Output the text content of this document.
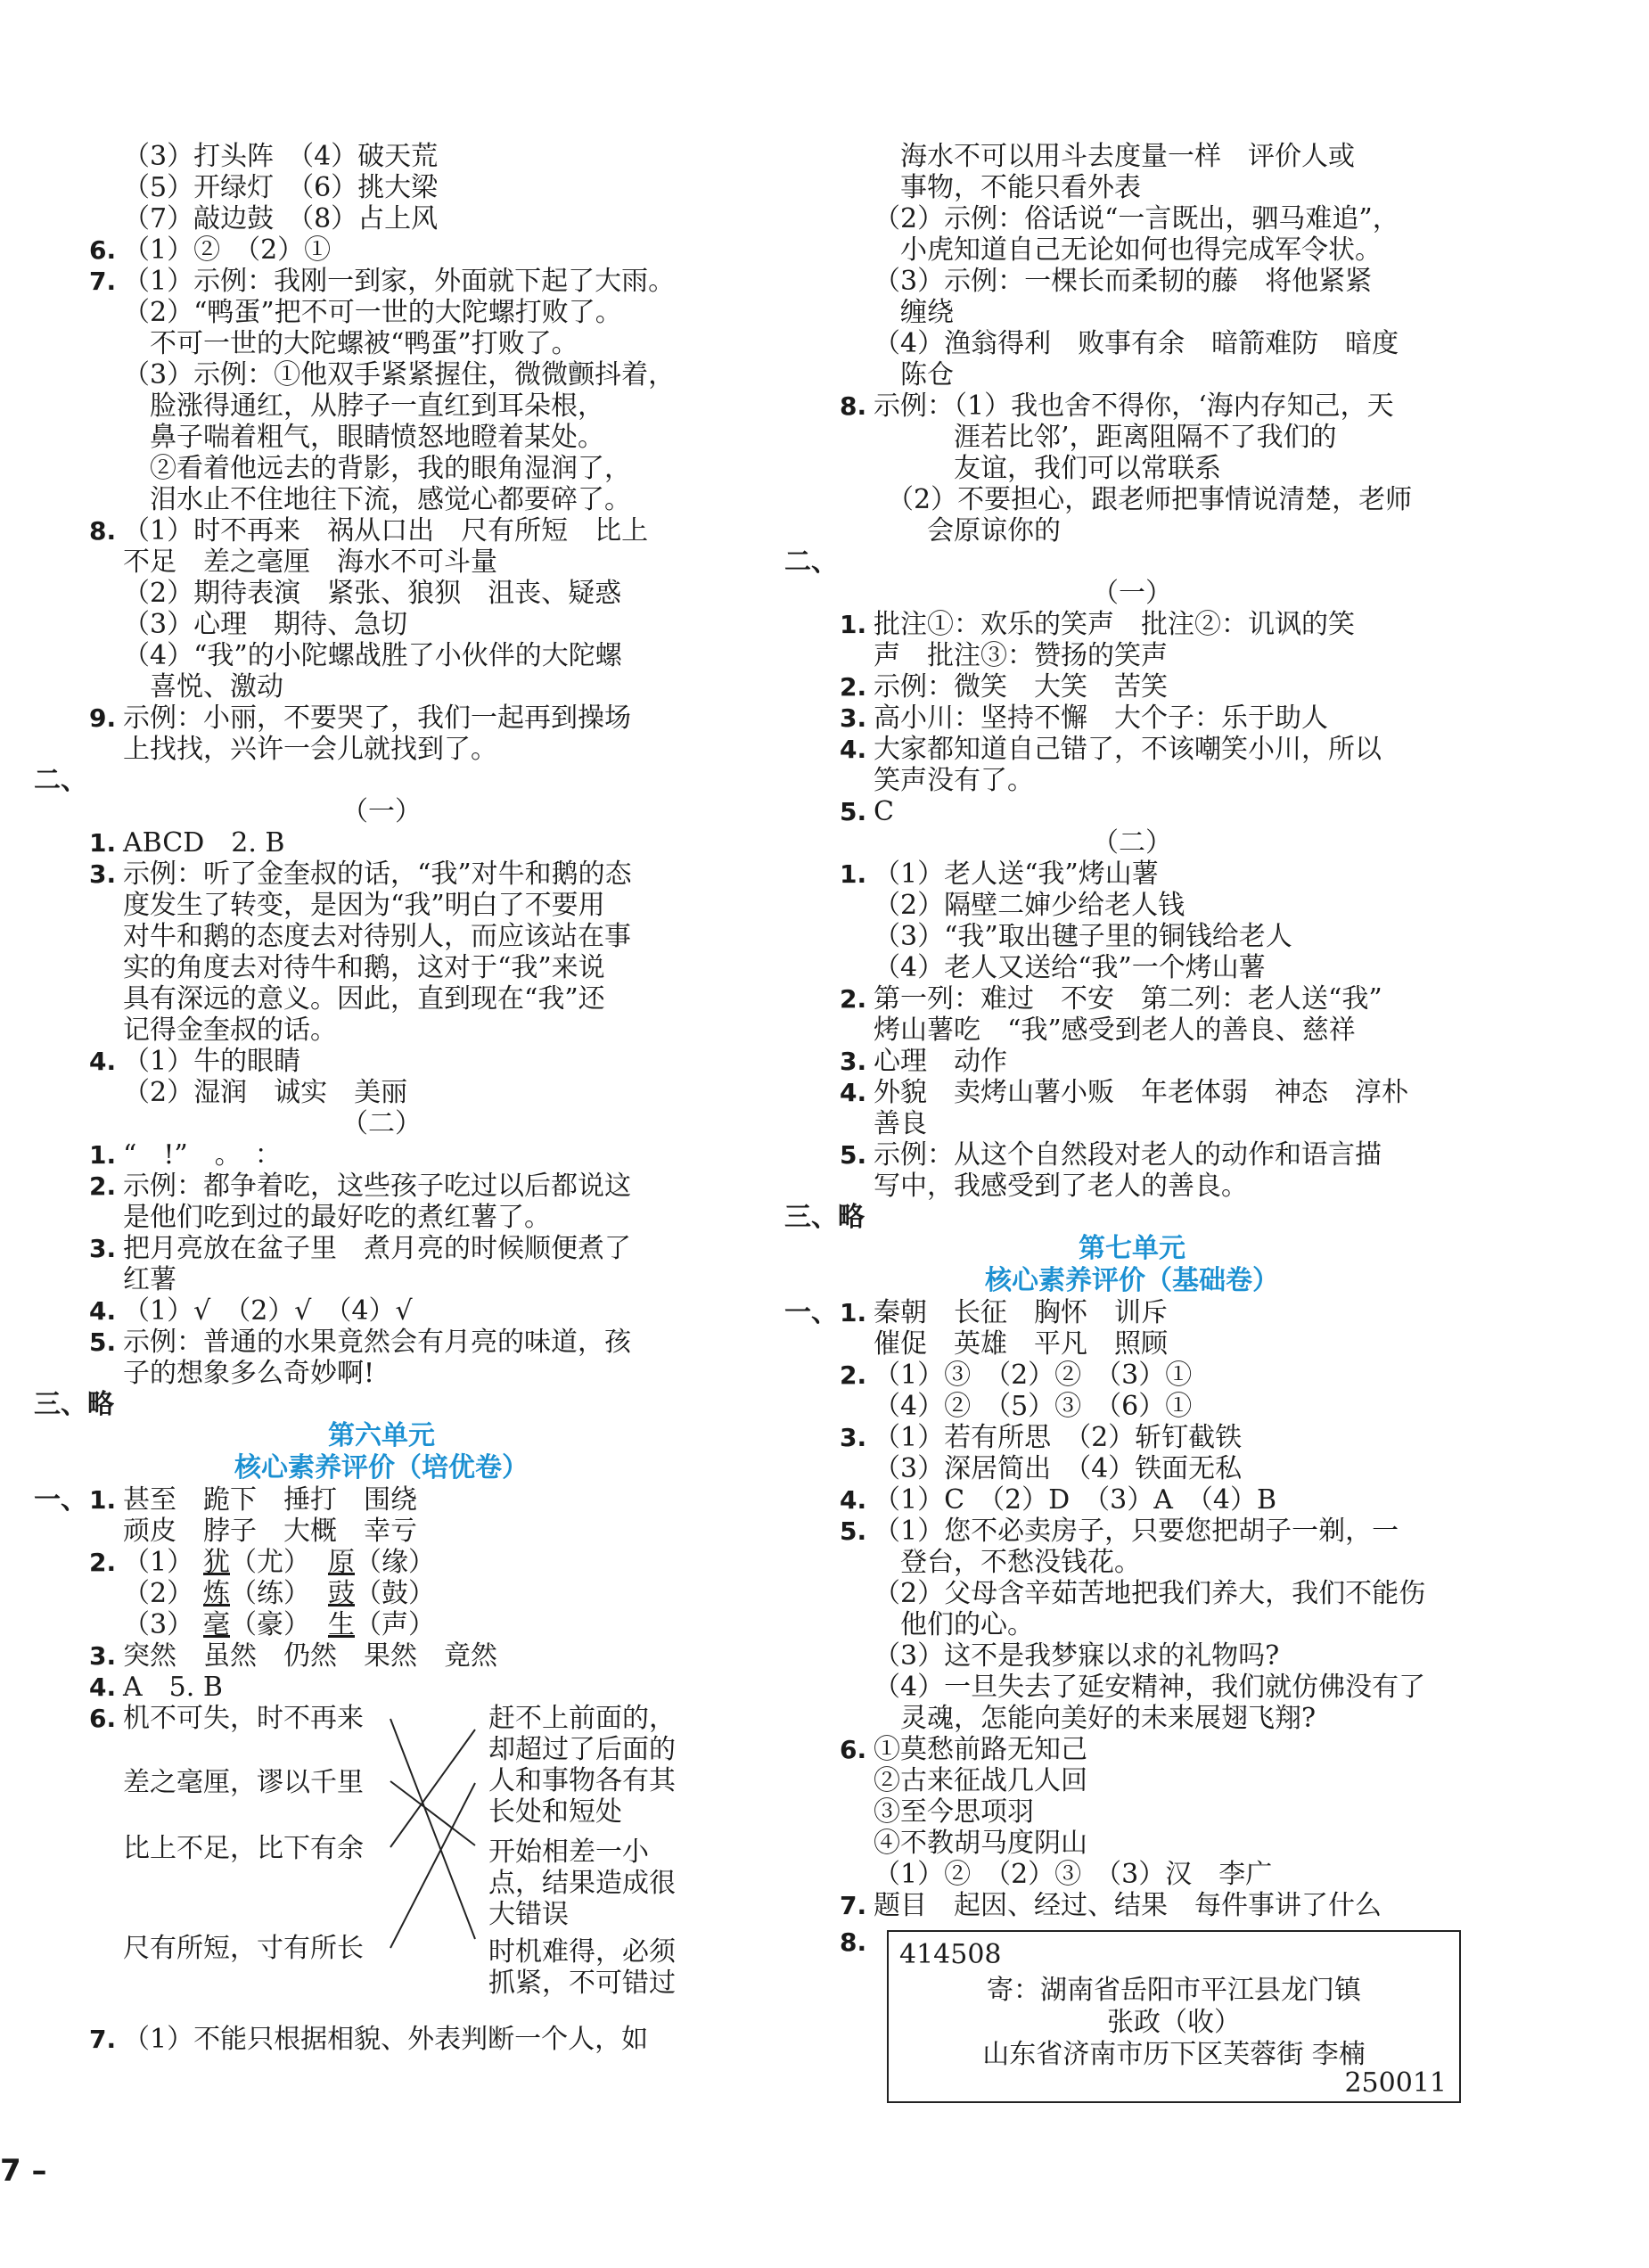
（3）打头阵　（4）破天荒
（5）开绿灯　（6）挑大梁
（7）敲边鼓　（8）占上风
6. （1）②　（2）①
7. （1）示例：我刚一到家，外面就下起了大雨。
（2）“鸭蛋”把不可一世的大陀螺打败了。
　不可一世的大陀螺被“鸭蛋”打败了。
（3）示例：①他双手紧紧握住，微微颤抖着，
　脸涨得通红，从脖子一直红到耳朵根，
　鼻子喘着粗气，眼睛愤怒地瞪着某处。
　②看着他远去的背影，我的眼角湿润了，
　泪水止不住地往下流，感觉心都要碎了。
8. （1）时不再来　祸从口出　尺有所短　比上
不足　差之毫厘　海水不可斗量
（2）期待表演　紧张、狼狈　沮丧、疑惑
（3）心理　期待、急切
（4）“我”的小陀螺战胜了小伙伴的大陀螺
　喜悦、激动
9. 示例：小丽，不要哭了，我们一起再到操场
上找找，兴许一会儿就找到了。
二、
（一）
1. ABCD　2. B
3. 示例：听了金奎叔的话，“我”对牛和鹅的态
度发生了转变，是因为“我”明白了不要用
对牛和鹅的态度去对待别人，而应该站在事
实的角度去对待牛和鹅，这对于“我”来说
具有深远的意义。因此，直到现在“我”还
记得金奎叔的话。
4. （1）牛的眼睛
（2）湿润　诚实　美丽
（二）
1. “　!”　。　：
2. 示例：都争着吃，这些孩子吃过以后都说这
是他们吃到过的最好吃的煮红薯了。
3. 把月亮放在盆子里　煮月亮的时候顺便煮了
红薯
4. （1）√　（2）√　（4）√
5. 示例：普通的水果竟然会有月亮的味道，孩
子的想象多么奇妙啊!
三、略
第六单元
核心素养评价（培优卷）
一、 1. 甚至　跪下　捶打　围绕
顽皮　脖子　大概　幸亏
2. （1） 犹 （尤） 原 （缘）
（2） 炼 （练） 豉 （鼓）
（3） 毫 （豪） 生 （声）
3. 突然　虽然　仍然　果然　竟然
4. A　5. B
6. 机不可失，时不再来
差之毫厘，谬以千里
比上不足，比下有余
尺有所短，寸有所长
赶不上前面的，
却超过了后面的
人和事物各有其
长处和短处
开始相差一小
点，结果造成很
大错误
时机难得，必须
抓紧，不可错过
7. （1）不能只根据相貌、外表判断一个人，如
　海水不可以用斗去度量一样　评价人或
　事物，不能只看外表
（2）示例：俗话说“一言既出，驷马难追”，
　小虎知道自己无论如何也得完成军令状。
（3）示例：一棵长而柔韧的藤　将他紧紧
　缠绕
（4）渔翁得利　败事有余　暗箭难防　暗度
　陈仓
8. 示例：（1）我也舍不得你，‘海内存知己，天
　　　涯若比邻’，距离阻隔不了我们的
　　　友谊，我们可以常联系
　（2）不要担心，跟老师把事情说清楚，老师
　　会原谅你的
二、
（一）
1. 批注①：欢乐的笑声　批注②：讥讽的笑
声　批注③：赞扬的笑声
2. 示例：微笑　大笑　苦笑
3. 高小川：坚持不懈　大个子：乐于助人
4. 大家都知道自己错了，不该嘲笑小川，所以
笑声没有了。
5. C
（二）
1. （1）老人送“我”烤山薯
（2）隔壁二婶少给老人钱
（3）“我”取出毽子里的铜钱给老人
（4）老人又送给“我”一个烤山薯
2. 第一列：难过　不安　第二列：老人送“我”
烤山薯吃　“我”感受到老人的善良、慈祥
3. 心理　动作
4. 外貌　卖烤山薯小贩　年老体弱　神态　淳朴
善良
5. 示例：从这个自然段对老人的动作和语言描
写中，我感受到了老人的善良。
三、略
第七单元
核心素养评价（基础卷）
1. 秦朝　长征　胸怀　训斥
一、
催促　英雄　平凡　照顾
2. （1）③　（2）②　（3）①
（4）②　（5）③　（6）①
3. （1）若有所思　（2）斩钉截铁
（3）深居简出　（4）铁面无私
4. （1）C　（2）D　（3）A　（4）B
5. （1）您不必卖房子，只要您把胡子一剃，一
　登台，不愁没钱花。
（2）父母含辛茹苦地把我们养大，我们不能伤
　他们的心。
（3）这不是我梦寐以求的礼物吗?
（4）一旦失去了延安精神，我们就仿佛没有了
　灵魂，怎能向美好的未来展翅飞翔?
6. ①莫愁前路无知己
②古来征战几人回
③至今思项羽
④不教胡马度阴山
（1）②　（2）③　（3）汉　李广
7. 题目　起因、经过、结果　每件事讲了什么
8. 414508
寄：湖南省岳阳市平江县龙门镇
张政（收）
山东省济南市历下区芙蓉街 李楠
250011
7 –
